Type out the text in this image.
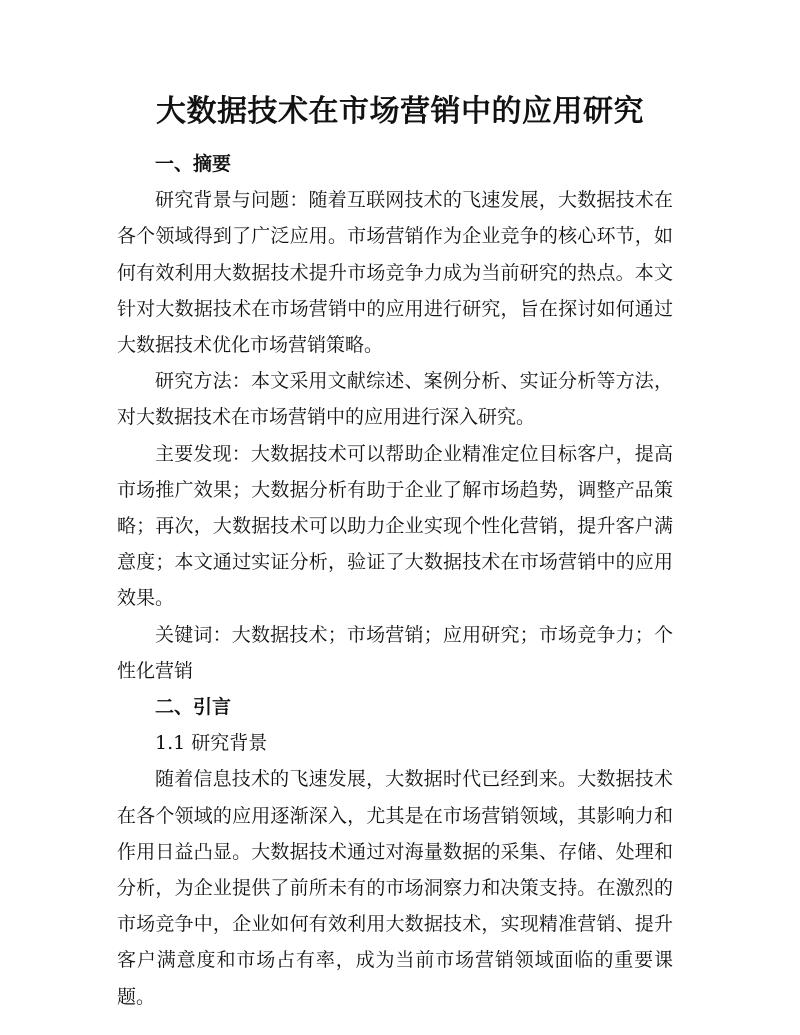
大数据技术在市场营销中的应用研究

一、摘要

研究背景与问题：随着互联网技术的飞速发展，大数据技术在各个领域得到了广泛应用。市场营销作为企业竞争的核心环节，如何有效利用大数据技术提升市场竞争力成为当前研究的热点。本文针对大数据技术在市场营销中的应用进行研究，旨在探讨如何通过大数据技术优化市场营销策略。

研究方法：本文采用文献综述、案例分析、实证分析等方法，对大数据技术在市场营销中的应用进行深入研究。

主要发现：大数据技术可以帮助企业精准定位目标客户，提高市场推广效果；大数据分析有助于企业了解市场趋势，调整产品策略；再次，大数据技术可以助力企业实现个性化营销，提升客户满意度；本文通过实证分析，验证了大数据技术在市场营销中的应用效果。

关键词：大数据技术；市场营销；应用研究；市场竞争力；个性化营销

二、引言

1.1 研究背景

随着信息技术的飞速发展，大数据时代已经到来。大数据技术在各个领域的应用逐渐深入，尤其是在市场营销领域，其影响力和作用日益凸显。大数据技术通过对海量数据的采集、存储、处理和分析，为企业提供了前所未有的市场洞察力和决策支持。在激烈的市场竞争中，企业如何有效利用大数据技术，实现精准营销、提升客户满意度和市场占有率，成为当前市场营销领域面临的重要课题。
